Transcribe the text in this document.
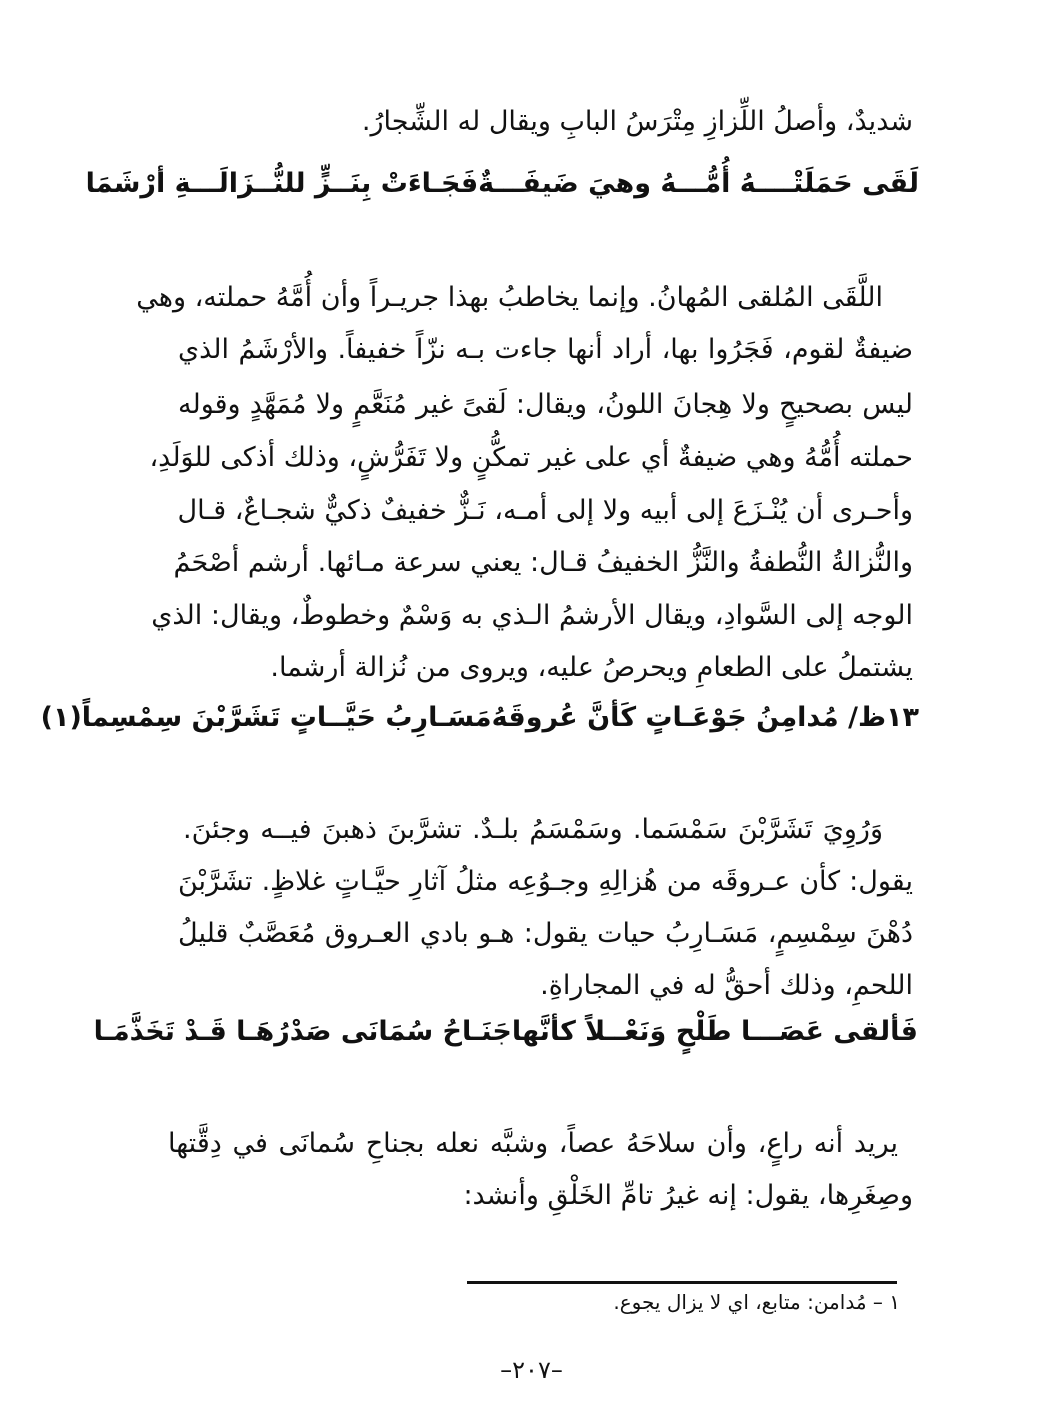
شديدٌ، وأصلُ اللِّزازِ مِتْرَسُ البابِ ويقال له الشِّجارُ.

لَقَى حَمَلَتْــــهُ أُمُّـــهُ وهيَ ضَيفَـــةٌ
فَجَـاءَتْ بِنَــزٍّ للنُّــزَالَـــةِ أرْشَمَا

اللَّقَى المُلقى المُهانُ. وإنما يخاطبُ بهذا جريـراً وأن أُمَّهُ حملته، وهي

ضيفةٌ لقوم، فَجَرُوا بها، أراد أنها جاءت بـه نزّاً خفيفاً. والأرْشَمُ الذي

ليس بصحيحٍ ولا هِجانَ اللونُ، ويقال: لَقىً غير مُنَعَّمٍ ولا مُمَهَّدٍ وقوله

حملته أُمُّهُ وهي ضيفةٌ أي على غير تمكُّنٍ ولا تَفَرُّشٍ، وذلك أذكى للوَلَدِ،

وأحـرى أن يُنْـزَعَ إلى أبيه ولا إلى أمـه، نَـزٌّ خفيفٌ ذكيٌّ شجـاعٌ، قـال

والنُّزالةُ النُّطفةُ والنَّزُّ الخفيفُ قـال: يعني سرعة مـائها. أرشم أصْحَمُ

الوجه إلى السَّوادِ، ويقال الأرشمُ الـذي به وَسْمٌ وخطوطٌ، ويقال: الذي

يشتملُ على الطعامِ ويحرصُ عليه، ويروى من نُزالة أرشما.

١٣ظ/ مُدامِنُ جَوْعَـاتٍ كَأنَّ عُروقَهُ
مَسَـارِبُ حَيَّــاتٍ تَشَرَّبْنَ سِمْسِماً(١)

وَرُوِيَ تَشَرَّبْنَ سَمْسَما. وسَمْسَمُ بلـدٌ. تشرَّبنَ ذهبنَ فيــه وجئنَ.

يقول: كأن عـروقَه من هُزالِهِ وجـوُعِه مثلُ آثارِ حيَّـاتٍ غلاظٍ. تشَرَّبْنَ

دُهْنَ سِمْسِمٍ، مَسَـارِبُ حيات يقول: هـو بادي العـروق مُعَصَّبٌ قليلُ

اللحمِ، وذلك أحقُّ له في المجاراةِ.

فَألقى عَصَـــا طَلْحٍ وَنَعْــلاً كأنَّها
جَنَـاحُ سُمَانَى صَدْرُهَـا قَـدْ تَخَذَّمَـا

يريد أنه راعٍ، وأن سلاحَهُ عصاً، وشبَّه نعله بجناحِ سُمانَى في دِقَّتها

وصِغَرِها، يقول: إنه غيرُ تامِّ الخَلْقِ وأنشد:

١ – مُدامن: متابع، اي لا يزال يجوع.
–٢٠٧–
